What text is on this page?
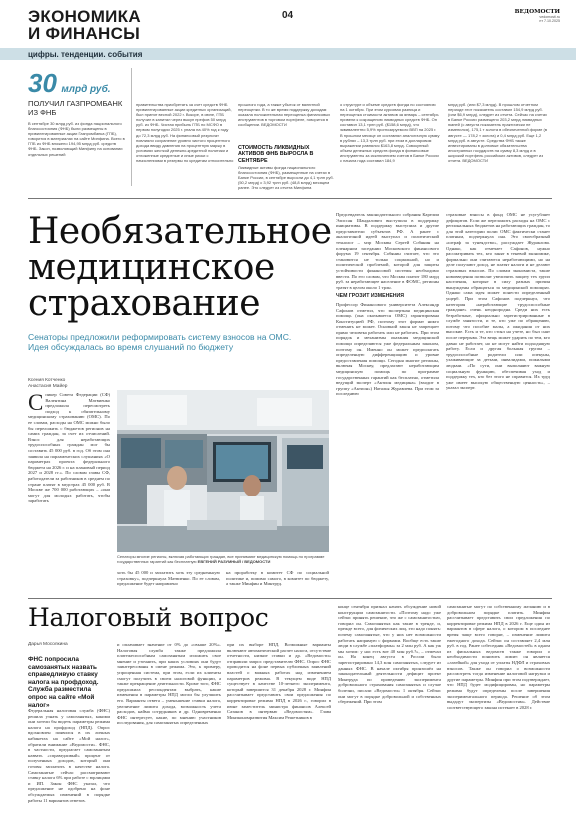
ЭКОНОМИКА
И ФИНАНСЫ
04	ВЕДОМОСТИ
vedomosti.ru
пт 7.10.2025
цифры. тенденции. события
30 млрд руб.
ПОЛУЧИЛ ГАЗПРОМБАНК ИЗ ФНБ
В сентябре 30 млрд руб. из фонда национального благосостояния (ФНБ) были размещены в привилегированные акции Газпромбанка (ГПБ), говорится в материалах на сайте Минфина. Всего в ГПБ из ФНБ вложено 194,95 млрд руб. средств ФНБ. Закон, позволяющий Минфину на основании отдельных решений
правительства приобретать за счет средств ФНБ привилегированные акции кредитных организаций, был принят весной 2022 г. Вскоре, в июне, ГПБ получил в капитал через выкуп префов 50 млрд руб. из ФНБ. Чистая прибыль ГПБ по МСФО в первом полугодии 2025 г. упала на 40% год к году до 72,3 млрд руб. На финансовый результат повлияли сохранение уровня чистого процентного дохода ввиду давления на процентную маржу в условиях жесткой денежно-кредитной политики и отложенные кредитные и иные риски с начислениями в резервы по кредитам относительно
прошлого года, а также убыток от валютной переоценки. В то же время поддержку доходам оказала положительная переоценка финансовых инструментов в торговом портфеле, говорится в сообщении. ВЕДОМОСТИ
СТОИМОСТЬ ЛИКВИДНЫХ АКТИВОВ ФНБ ВЫРОСЛА В СЕНТЯБРЕ
Ликвидные активы фонда национального благосостояния (ФНБ), размещенные на счетах в Банке России, в сентябре выросли до 4,1 трлн руб. (50,2 млрд) с 3,92 трлн руб. (48,8 млрд) месяцем ранее. Это следует из отчета Минфина
о структуре и объеме средств фонда по состоянию на 1 октября. При этом курсовая разница и переоценка стоимости активов за январь – сентябрь привели к сокращению ликвидных средств ФНБ. Он составил 13,1 трлн руб. ($158,6 млрд), что эквивалентно 5,9% прогнозируемого ВВП на 2025 г. В прошлом месяце он составлял аналогичную сумму в рублях – 13,3 трлн руб. при этом в долларовом выражении равнялся $163,8 млрд. Совокупный объем денежных средств фонда в финансовые инструменты за исключением счетов в Банке России с начала года составил 184,9
млрд руб. (или $7,3 млрд). В прошлом отчетном периоде этот показатель составил 154,9 млрд руб. (или $6,9 млрд), следует из отчета. Сейчас на счетах в Банке России размещено 203,2 млрд ликвидных юаней (с августа показатель практически не изменился), 175,1 т золота в обезличенной форме (в августе — 178,2 т золота) и 0,4 млрд руб. Еще 1,2 млрд руб. в августе. Средства ФНБ также инвестированы в долговые обязательства иностранных государств на сумму 8,3 млрд и в широкий портфель российских активов, следует из отчета. ВЕДОМОСТИ
Необязательное медицинское страхование
Сенаторы предложили реформировать систему взносов на ОМС. Идея обсуждалась во время слушаний по бюджету
Ксения Котченко
Анастасия Майер
Спикер Совета Федерации (СФ) Валентина Матвиенко предложила пересмотреть подход к обязательному медицинскому страхованию (ОМС). По ее словам, расходы на ОМС можно было бы переложить с бюджетов регионов на самих граждан, за счет их отчислений. Взнос для неработающих трудоспособных граждан мог бы составить 45 000 руб. в год. Об этом она заявила на парламентских слушаниях «О параметрах проекта федерального бюджета на 2026 г. и на плановый период 2027 и 2028 гг.». По словам главы СФ, работодатели за работников в среднем по стране платят в медстрах 45 000 руб. В Москве же 700 000 работающих – «они могут для молодых работать, чтобы заработать
Сенаторы многие регионы, включая работающих граждан, все принимают медицинскую помощь по программе государственных гарантий как бесплатную ЕВГЕНИЙ РАЗУМНЫЙ / ВЕДОМОСТИ
хоть бы 45 000 и заплатить хоть эту средненькую страховку», подчеркнула Матвиенко. По ее словам, предложение будет направлено
на проработку в комитет СФ по социальной политике и, помимо самого, в комитет по бюджету, а также Минфин и Минтруд.
Предсевдатель законодательного собрания Карелии Элиссан Шандалович выступила в поддержку инициативы. В поддержку выступила и другие представители субъектов РФ. А ранее с аналогичной идеей выступал и политический технолог – мэр Москвы Сергей Собянин на пленарном заседании Московского финансового форума 19 сентября. Собянин считает, что это становится не только социальной, но и политической проблемой, которой для защиты устойчивости финансовой системы необходимо ввести. По его словам, что Москва платит 180 млрд руб. за неработающее население в ФОМС, регионы тратят в целом около 1 трлн.
ЧЕМ ГРОЗИТ ИЗМЕНЕНИЯ
Профессор Финансового университета Александр Сафонов отметил, что экспертная медицинская помощь (она оказывается ОМС) гарантирована Конституцией РФ, поэтому этот формат никто отменять не может. Основной закон не запрещает прямо человека работать или не работать. При этом порядок и механизмы оказания медицинской помощи определяются уже федеральным законом, поэтому он. Именно он может предполагать определенную дифференциацию и уровне предоставления помощи. Сегодня многие регионы, включая Москву, предлагают неработающим медицинскую помощь по программе государственных гарантий как бесплатно, отметила ведущий эксперт «Актион медицина» (входит в группу «Актион») Наталья Журавлева. При этом за последнюю
страховые взносы в фонд ОМС не усугубляет дефицитов. Если же переложить расходы на ОМС с региональных бюджетов на работающих граждан, то для этой категории полис ОМС фактически станет платным, подчеркнула она. Это своеобразный «штраф за тунеядство», рассуждает Жураклова. Однако, как отмечает Сафонов, нужно рассматривать тех, кто занят в теневой экономике, формально они считаются неработающими, но на деле получают доход, не платят налоги и не делают страховых взносов. По словам экономиста, такие нововведения позволят увеличить защиту тех групп населения, которые в силу разных причин вынуждены обращаться за медицинской помощью. Однако сама идея может понести определенный ущерб. При этом Сафонов подчеркнул, что категория «неработающие трудоспособные граждане» очень неоднородна. Среди них есть безработные, официально зарегистрированные в службе занятости, и те, кто уже по обращению, потому что пособие малы, а ожидания от них высокие. Есть и те, кто стоял на учете, но был снят после перерыва. Эта вещь может ударить по тем, кто давно не работает, но не могут найти подходящую работу. Если и другая большая группа – трудоспособные родители или опекуны, ухаживающие за детьми, инвалидами, пожилыми людьми. «По сути, они выполняют важную социальную функцию, обеспечивая уход и поддержку тех, кто без этого не справится. Их труд уже имеет высокую общественную ценность», – указал эксперт.
Налоговый вопрос
Дарья Мосолкина
ФНС попросила самозанятых назвать справедливую ставку налога на профдоход. Служба разместила опрос на сайте «Мой налог»
Федеральная налоговая служба (ФНС) решила узнать у самозанятых, какими они хотели бы видеть параметры режима налога на профдоход (НПД). Опрос вдохновлен появился в их личных кабинетах на сайте «Мой налог», обратили внимание «Ведомости». ФНС, в частности, предлагает самозанятым назвать «справедливый» процент от полученных доходов, который они готовы заплатить в качестве налога. Самозанятые сейчас рассматривают ставку налога 6% при работе с юрлицами и ИП. Закон ФНС указал, что предложение не одобрено на фоне обсуждаемых изменений в порядке работы 11 вариантов ответов.
и оплачивает значение от 0% до «свыше 20%». Налоговая служба также предложила платежеспособным самозанятым изложить свое мнение и уточнить, при каких условиях они будут заинтересованы в смене режима. Это, к примеру, упрощенная система, при этом, если их клиенты смогут получить в своем налоговой функции, а также прекращение деятельности. Кроме того, ФНС предложила респондентам выбрать, какие изменения в параметры НПД могли бы улучшить его. Варианты ответа – уменьшение ставки налога, увеличение лимита дохода, возможность учета расходов, найма сотрудников и др. Одновременно ФНС интересует, какие, по мнению участников исследования, для самозанятых определенных
при их выборе НПД. Возможные варианты включают автоматический расчет налога, отсутствие отчетности, низкие ставки и др. «Ведомости» отправили запрос представителю ФНС. Опрос ФНС проводится на фоне первых публичных заявлений властей о важных работах над изменением параметров режима. В текущем виде НПД существует в качестве 10-летнего эксперимента, который завершится 31 декабря 2028 г. Минфин рассчитывает представить свои предложения по корректировке режима НПД в 2026 г., говорил в июне заместитель министра финансов Алексей Сазанов в интервью «Ведомостям». Глава Минэкономразвития Максим Решетников в
конце сентября признал начать обсуждение новой конструкции самозанятости. «Поэтому надо уже сейчас принять решение, что же с самозанятостью, говорил он. Самозанятых как такие в тренде, и, прежде всего, для физических лиц, это надо понять: почему самозанятые, что у них нет возможности работать напрямую с фирмами. Вообще есть такие люди в службе «платформы» за 2 млн руб. А как уж мы хотим: у нас есть вот 40 млн руб.?», – отмечал он. На конец августа в России было зарегистрировано 14,3 млн самозанятых, следует из данных ФНС. В начале октября пронзошёл на законодательный деятельности дефицит проект Минтруда по проведению эксперимента добровольного страхования самозанятых и случае болезни, писали «Ведомости» 1 октября. Сейчас они могут в порядке добровольной и собственных сбережений. При этом
самозанятые могут по собственному желанию и в добровольном порядке платить. Минфин рассчитывает представить свои предложения по корректировке режима НПД в 2026 г. Еще один из вариантов в сфере налога, о котором в последнее время чаще всего говорят, – изменение лимита ежегодного дохода. Сейчас он составляет 2,4 млн руб. в год. Ранее собеседник «Ведомостей» в одном из фискальных ведомств также говорил о необходимости понизить лимит: он является «лазейкой» для ухода от уплаты НДФЛ и страховых взносов. Также он говорил о возможности рассмотреть тогда изменение налоговой нагрузки и другие параметры. Минфин при этом подтверждает, что НПД будет модифицирован, но параметры режима будут определены после завершения экспериментального периода. Решение об этом выдадут экспертизы «Ведомостям». Действие соответствующего закона истекает в 2028 г.
